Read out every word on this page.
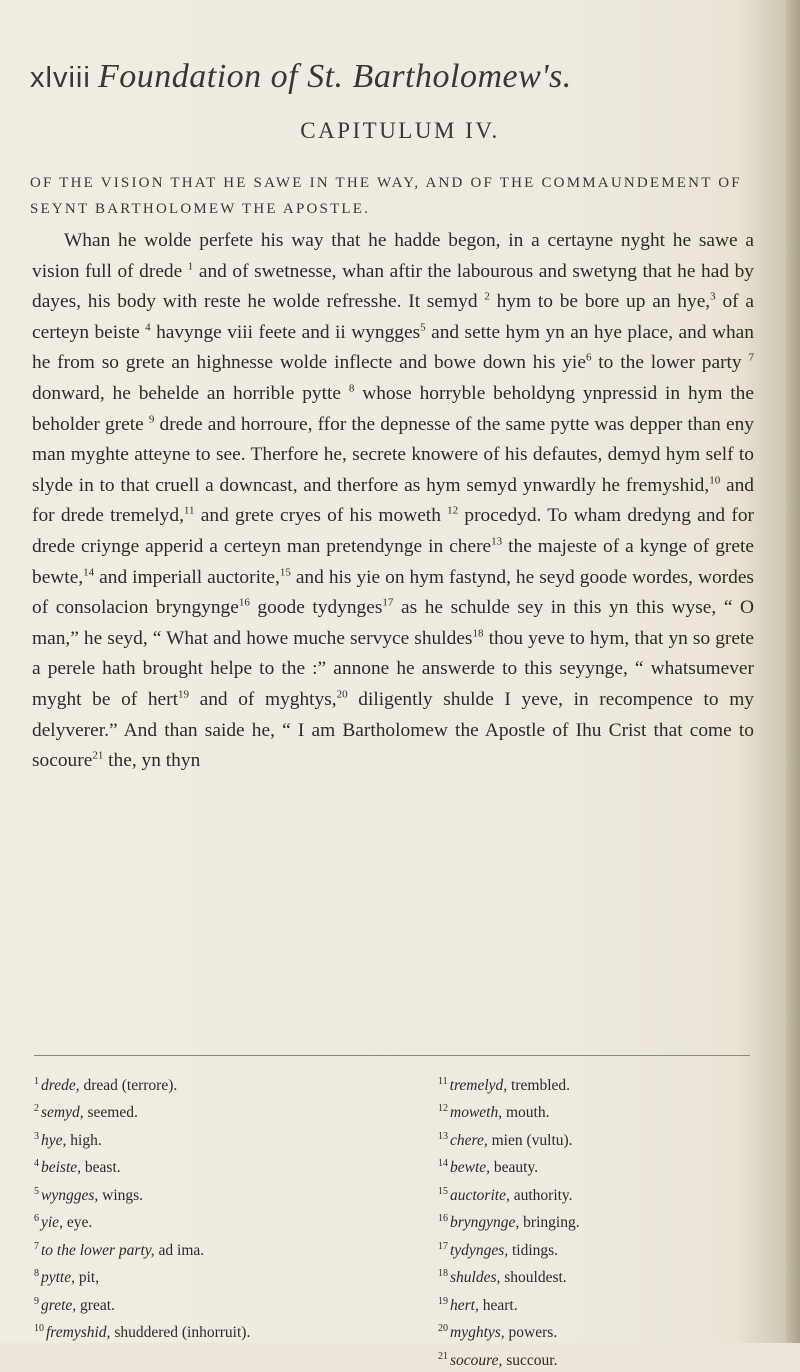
xlviii Foundation of St. Bartholomew's.
CAPITULUM IV.
OF THE VISION THAT HE SAWE IN THE WAY, AND OF THE COMMAUNDEMENT OF SEYNT BARTHOLOMEW THE APOSTLE.

Whan he wolde perfete his way that he hadde begon, in a certayne nyght he sawe a vision full of drede $^1$ and of swetnesse, whan aftir the labourous and swetyng that he had by dayes, his body with reste he wolde refresshe. It semyd $^2$ hym to be bore up an hye,$^3$ of a certeyn beiste $^4$ havynge viii feete and ii wyngges$^5$ and sette hym yn an hye place, and whan he from so grete an highnesse wolde inflecte and bowe down his yie$^6$ to the lower party $^7$ donward, he behelde an horrible pytte $^8$ whose horryble beholdyng ynpressid in hym the beholder grete $^9$ drede and horroure, ffor the depnesse of the same pytte was depper than eny man myghte atteyne to see. Therfore he, secrete knowere of his defautes, demyd hym self to slyde in to that cruell a downcast, and therfore as hym semyd ynwardly he fremyshid,$^{10}$ and for drede tremelyd,$^{11}$ and grete cryes of his moweth $^{12}$ procedyd. To wham dredyng and for drede criynge apperid a certeyn man pretendynge in chere$^{13}$ the majeste of a kynge of grete bewte,$^{14}$ and imperiall auctorite,$^{15}$ and his yie on hym fastynd, he seyd goode wordes, wordes of consolacion bryngynge$^{16}$ goode tydynges$^{17}$ as he schulde sey in this yn this wyse, “ O man,” he seyd, “ What and howe muche servyce shuldes$^{18}$ thou yeve to hym, that yn so grete a perele hath brought helpe to the :” annone he answerde to this seyynge, “ whatsumever myght be of hert$^{19}$ and of myghtys,$^{20}$ diligently shulde I yeve, in recompence to my delyverer.” And than saide he, “ I am Bartholomew the Apostle of Ihu Crist that come to socoure$^{21}$ the, yn thyn

$^1$ drede, dread (terrore).
$^2$ semyd, seemed.
$^3$ hye, high.
$^4$ beiste, beast.
$^5$ wyngges, wings.
$^6$ yie, eye.
$^7$ to the lower party, ad ima.
$^8$ pytte, pit,
$^9$ grete, great.
$^{10}$ fremyshid, shuddered (inhorruit).
$^{11}$ tremelyd, trembled.
$^{12}$ moweth, mouth.
$^{13}$ chere, mien (vultu).
$^{14}$ bewte, beauty.
$^{15}$ auctorite, authority.
$^{16}$ bryngynge, bringing.
$^{17}$ tydynges, tidings.
$^{18}$ shuldes, shouldest.
$^{19}$ hert, heart.
$^{20}$ myghtys, powers.
$^{21}$ socoure, succour.
